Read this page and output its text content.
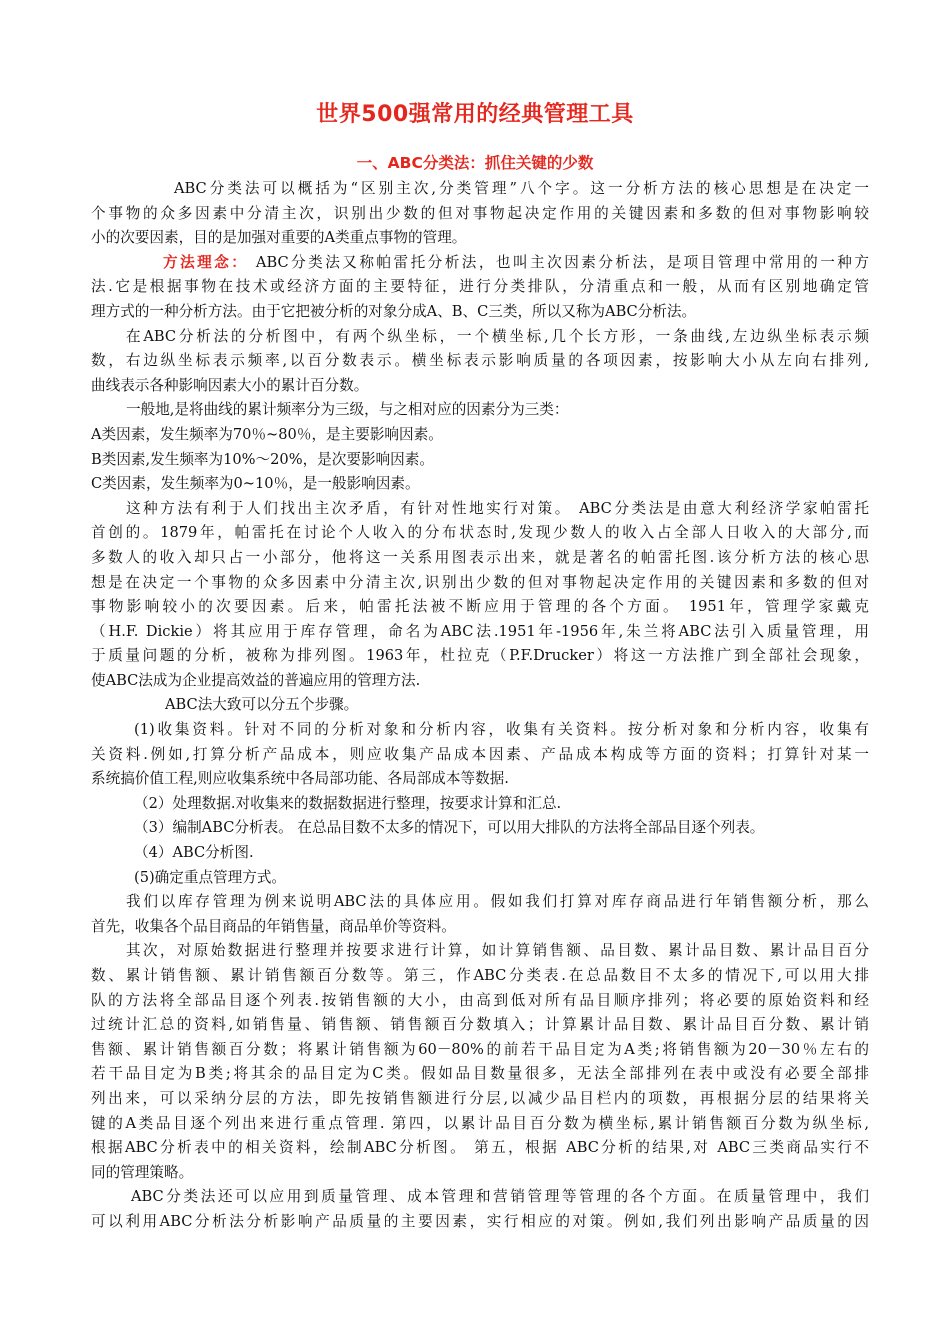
世界500强常用的经典管理工具
一、ABC分类法：抓住关键的少数
ABC分类法可以概括为“区别主次,分类管理”八个字。这一分析方法的核心思想是在决定一
个事物的众多因素中分清主次，识别出少数的但对事物起决定作用的关键因素和多数的但对事物影响较
小的次要因素，目的是加强对重要的A类重点事物的管理。
方法理念： ABC分类法又称帕雷托分析法，也叫主次因素分析法，是项目管理中常用的一种方
法.它是根据事物在技术或经济方面的主要特征，进行分类排队，分清重点和一般，从而有区别地确定管
理方式的一种分析方法。由于它把被分析的对象分成A、B、C三类，所以又称为ABC分析法。
在ABC分析法的分析图中，有两个纵坐标，一个横坐标,几个长方形，一条曲线,左边纵坐标表示频
数，右边纵坐标表示频率,以百分数表示。横坐标表示影响质量的各项因素，按影响大小从左向右排列,
曲线表示各种影响因素大小的累计百分数。
一般地,是将曲线的累计频率分为三级，与之相对应的因素分为三类：
A类因素，发生频率为70％~80％，是主要影响因素。
B类因素,发生频率为10%～20%，是次要影响因素。
C类因素，发生频率为0~10％，是一般影响因素。
这种方法有利于人们找出主次矛盾，有针对性地实行对策。 ABC分类法是由意大利经济学家帕雷托
首创的。1879年，帕雷托在讨论个人收入的分布状态时,发现少数人的收入占全部人日收入的大部分,而
多数人的收入却只占一小部分，他将这一关系用图表示出来，就是著名的帕雷托图.该分析方法的核心思
想是在决定一个事物的众多因素中分清主次,识别出少数的但对事物起决定作用的关键因素和多数的但对
事物影响较小的次要因素。后来，帕雷托法被不断应用于管理的各个方面。 1951年，管理学家戴克
（H.F. Dickie）将其应用于库存管理，命名为ABC法.1951年-1956年,朱兰将ABC法引入质量管理，用
于质量问题的分析，被称为排列图。1963年，杜拉克（P.F.Drucker）将这一方法推广到全部社会现象，
使ABC法成为企业提高效益的普遍应用的管理方法.
ABC法大致可以分五个步骤。
(1)收集资料。针对不同的分析对象和分析内容，收集有关资料。按分析对象和分析内容，收集有
关资料.例如,打算分析产品成本，则应收集产品成本因素、产品成本构成等方面的资料；打算针对某一
系统搞价值工程,则应收集系统中各局部功能、各局部成本等数据.
（2）处理数据.对收集来的数据数据进行整理，按要求计算和汇总.
（3）编制ABC分析表。 在总品目数不太多的情况下，可以用大排队的方法将全部品目逐个列表。
（4）ABC分析图.
(5)确定重点管理方式。
我们以库存管理为例来说明ABC法的具体应用。假如我们打算对库存商品进行年销售额分析，那么
首先，收集各个品目商品的年销售量，商品单价等资料。
其次，对原始数据进行整理并按要求进行计算，如计算销售额、品目数、累计品目数、累计品目百分
数、累计销售额、累计销售额百分数等。第三，作ABC分类表.在总品数目不太多的情况下,可以用大排
队的方法将全部品目逐个列表.按销售额的大小，由高到低对所有品目顺序排列；将必要的原始资料和经
过统计汇总的资料,如销售量、销售额、销售额百分数填入；计算累计品目数、累计品目百分数、累计销
售额、累计销售额百分数；将累计销售额为60－80%的前若干品目定为A类;将销售额为20－30％左右的
若干品目定为B类;将其余的品目定为C类。假如品目数量很多，无法全部排列在表中或没有必要全部排
列出来，可以采纳分层的方法，即先按销售额进行分层,以减少品目栏内的项数，再根据分层的结果将关
键的A类品目逐个列出来进行重点管理. 第四，以累计品目百分数为横坐标,累计销售额百分数为纵坐标,
根据ABC分析表中的相关资料，绘制ABC分析图。 第五，根据 ABC分析的结果,对 ABC三类商品实行不
同的管理策略。
ABC分类法还可以应用到质量管理、成本管理和营销管理等管理的各个方面。在质量管理中，我们
可以利用ABC分析法分析影响产品质量的主要因素，实行相应的对策。例如,我们列出影响产品质量的因
